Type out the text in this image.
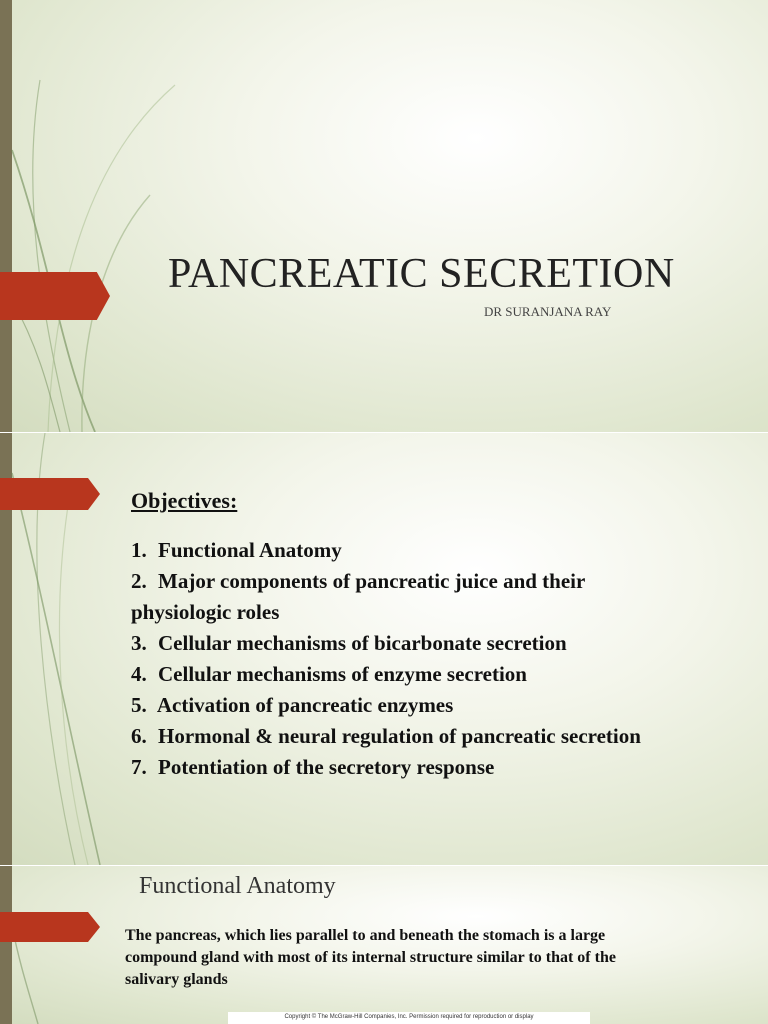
PANCREATIC SECRETION
DR SURANJANA RAY
Objectives:
1. Functional Anatomy
2. Major components of pancreatic juice and their physiologic roles
3. Cellular mechanisms of bicarbonate secretion
4. Cellular mechanisms of enzyme secretion
5. Activation of pancreatic enzymes
6. Hormonal & neural regulation of pancreatic secretion
7. Potentiation of the secretory response
Functional Anatomy

The pancreas, which lies parallel to and beneath the stomach is a large compound gland with most of its internal structure similar to that of the salivary glands

Copyright © The McGraw-Hill Companies, Inc. Permission required for reproduction or display
